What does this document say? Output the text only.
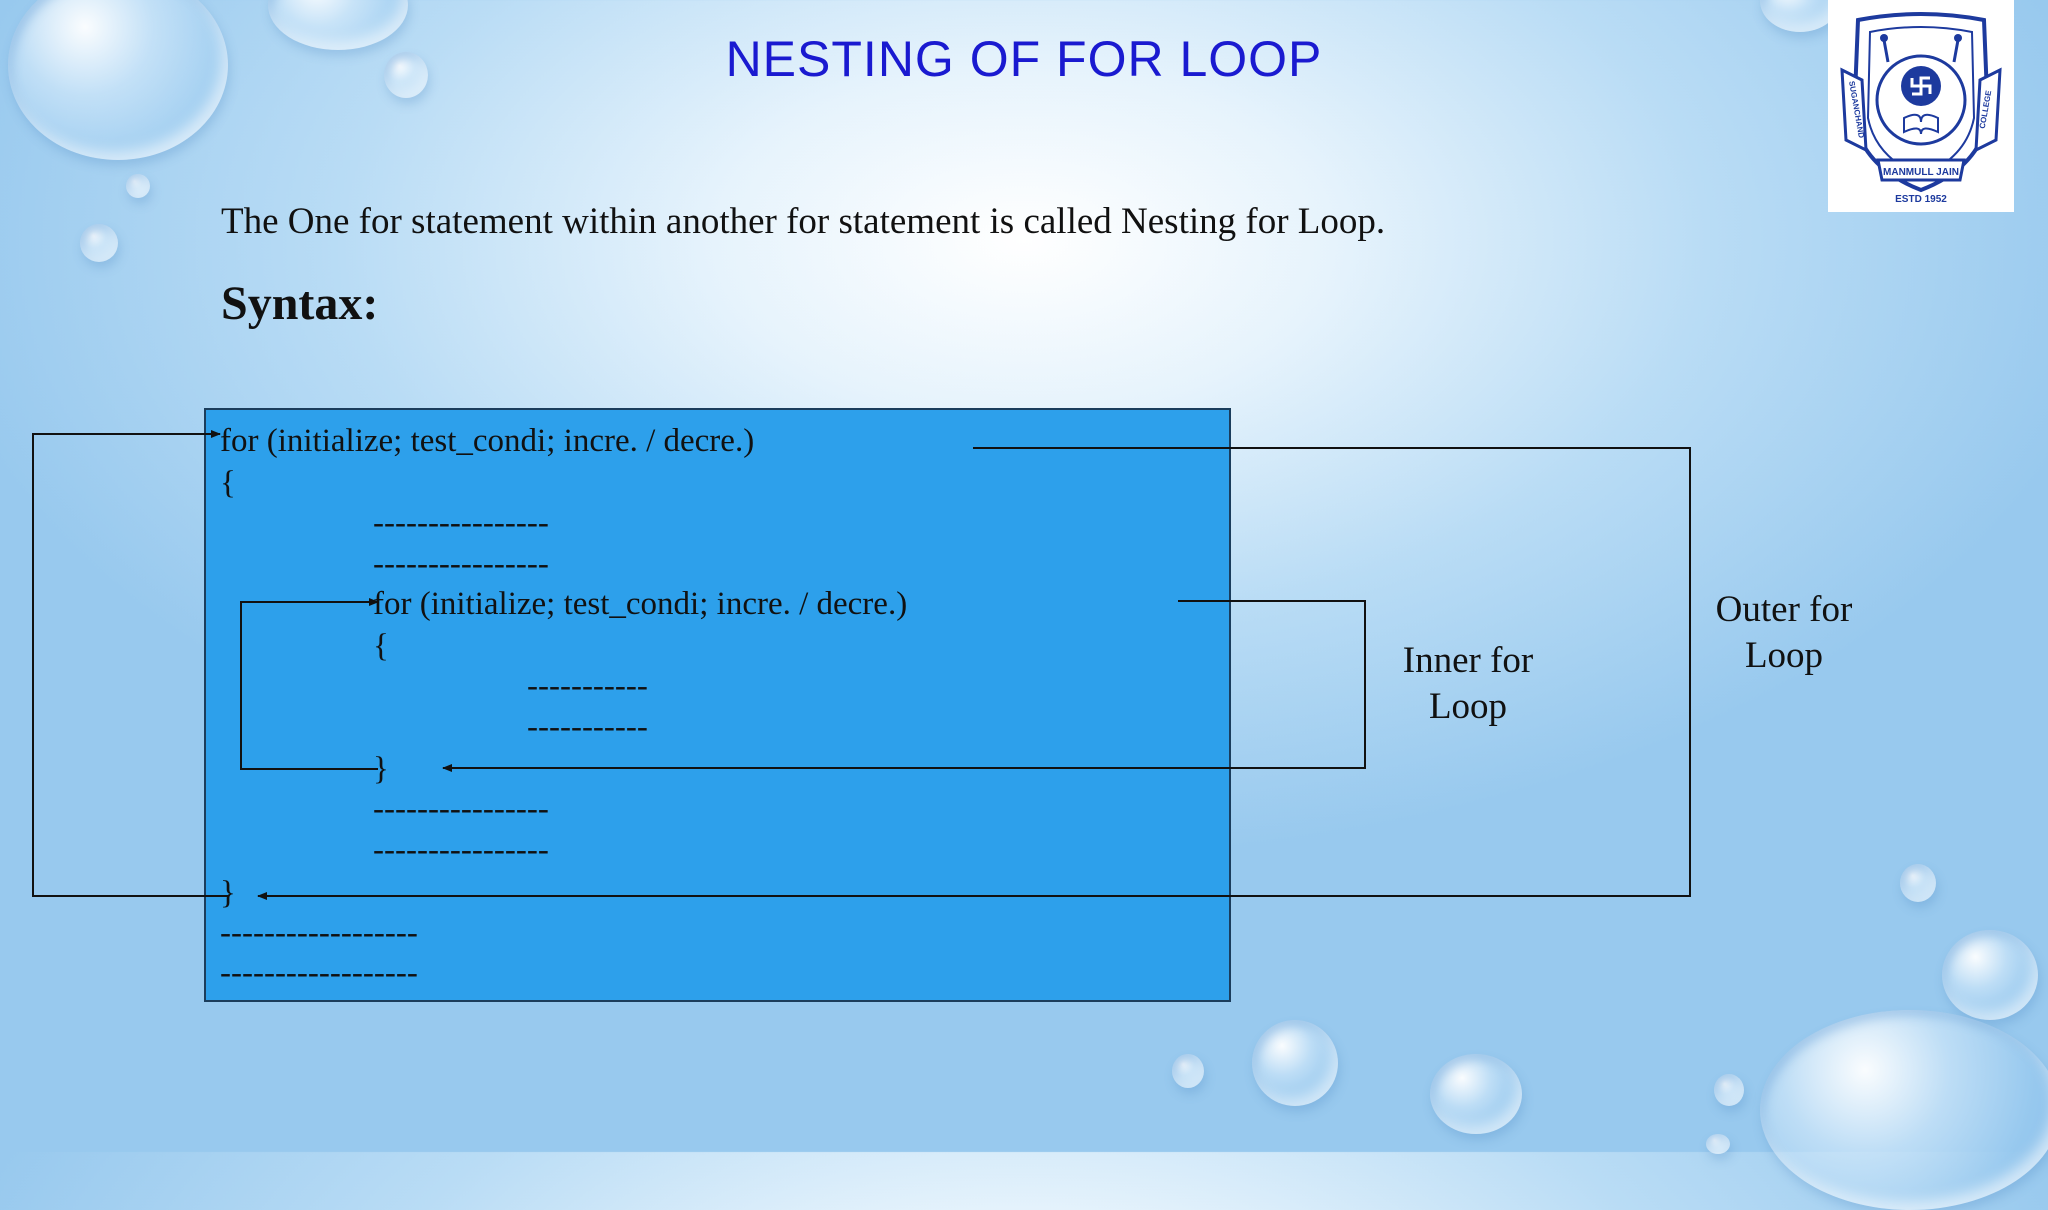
NESTING OF FOR LOOP
MANMULL JAIN
ESTD 1952
SUGANCHAND	COLLEGE
The One for statement within another for statement is called Nesting for Loop.
Syntax:
for (initialize; test_condi; incre. / decre.)
{
----------------
----------------
for (initialize; test_condi; incre. / decre.)
{
-----------
-----------
}
----------------
----------------
}
------------------
------------------
Inner for
Loop
Outer for
Loop
